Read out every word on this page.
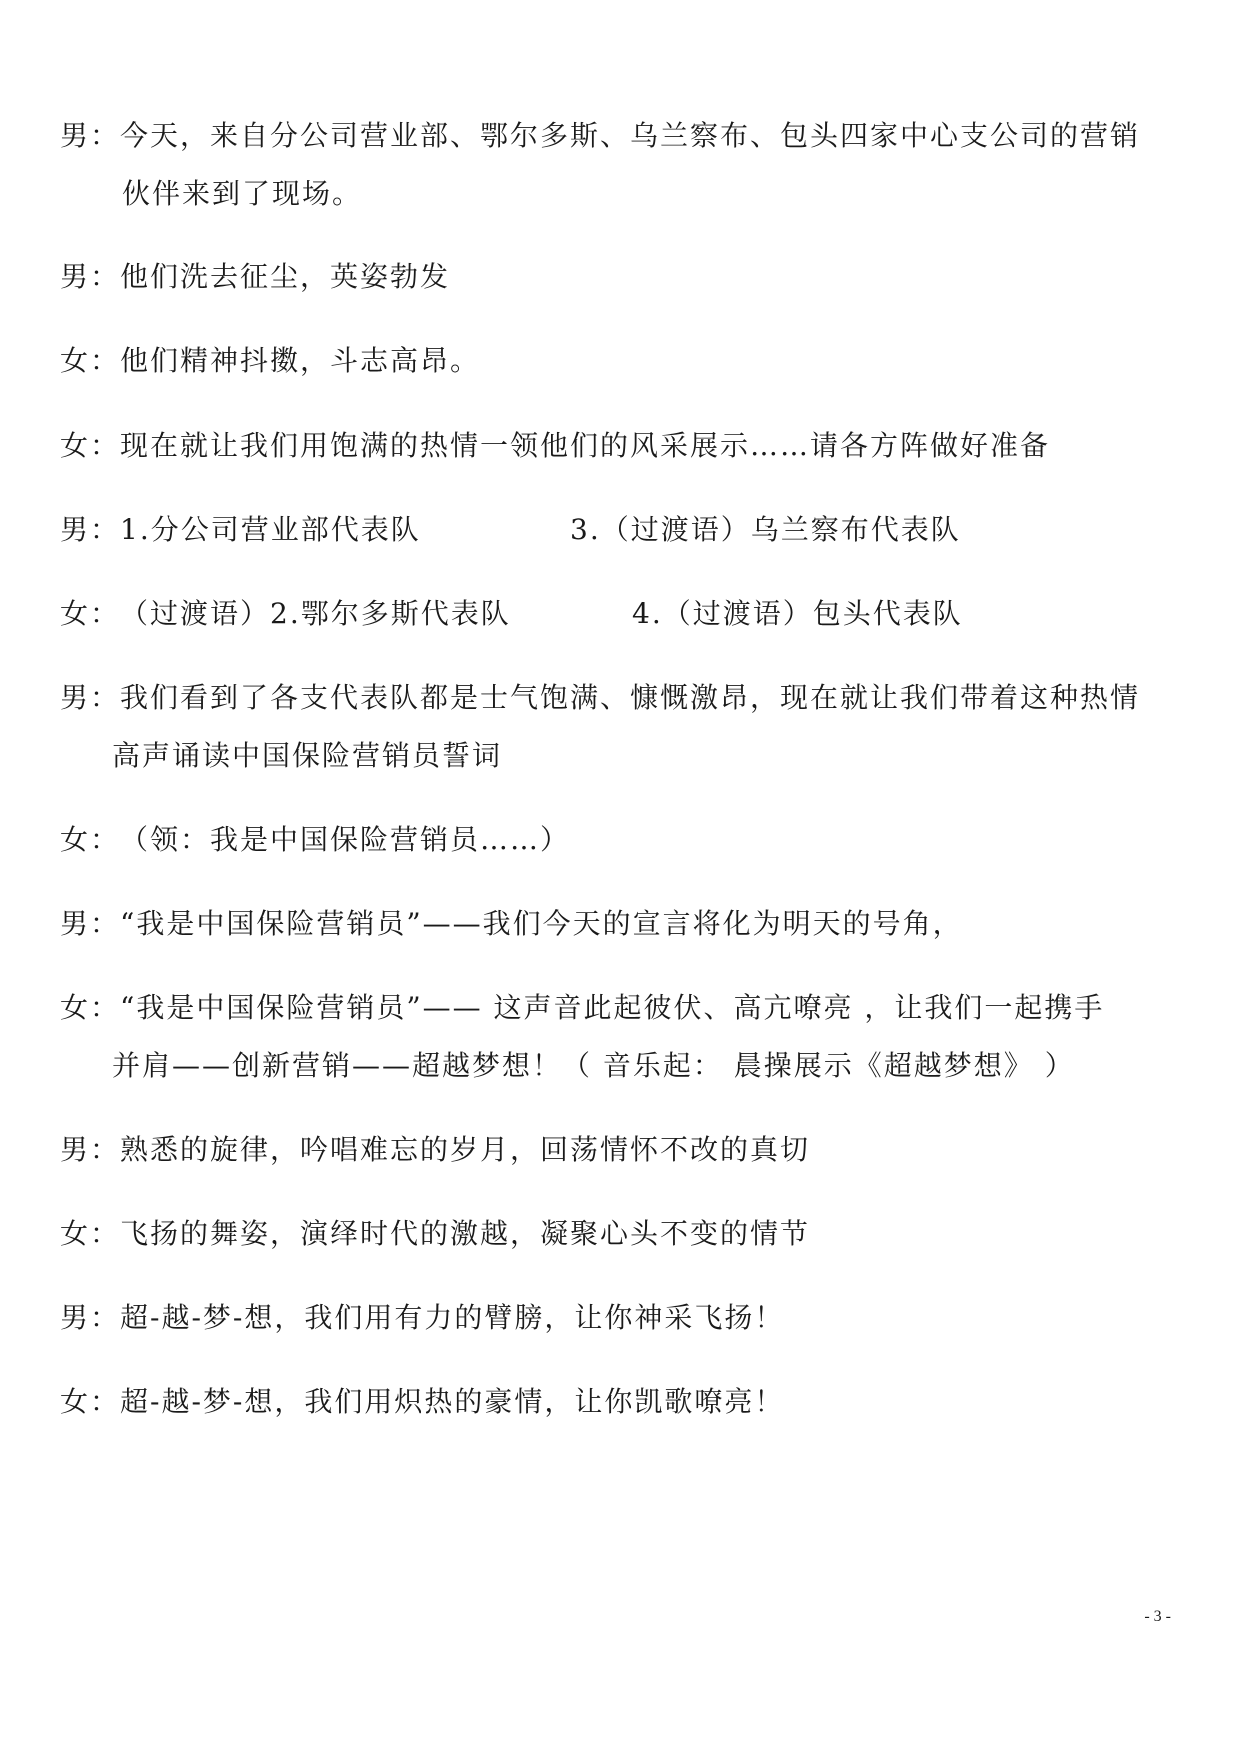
男：今天，来自分公司营业部、鄂尔多斯、乌兰察布、包头四家中心支公司的营销
伙伴来到了现场。
男：他们洗去征尘，英姿勃发
女：他们精神抖擞，斗志高昂。
女：现在就让我们用饱满的热情一领他们的风采展示……请各方阵做好准备
男：1.分公司营业部代表队	3.（过渡语）乌兰察布代表队
女：（过渡语）2.鄂尔多斯代表队	4.（过渡语）包头代表队
男：我们看到了各支代表队都是士气饱满、慷慨激昂，现在就让我们带着这种热情
高声诵读中国保险营销员誓词
女：（领：我是中国保险营销员……）
男：“我是中国保险营销员”——我们今天的宣言将化为明天的号角，
女：“我是中国保险营销员”—— 这声音此起彼伏、高亢嘹亮 ，让我们一起携手
并肩——创新营销——超越梦想！（ 音乐起： 晨操展示《超越梦想》 ）
男：熟悉的旋律，吟唱难忘的岁月，回荡情怀不改的真切
女：飞扬的舞姿，演绎时代的激越，凝聚心头不变的情节
男：超-越-梦-想，我们用有力的臂膀，让你神采飞扬！
女：超-越-梦-想，我们用炽热的豪情，让你凯歌嘹亮！
- 3 -
